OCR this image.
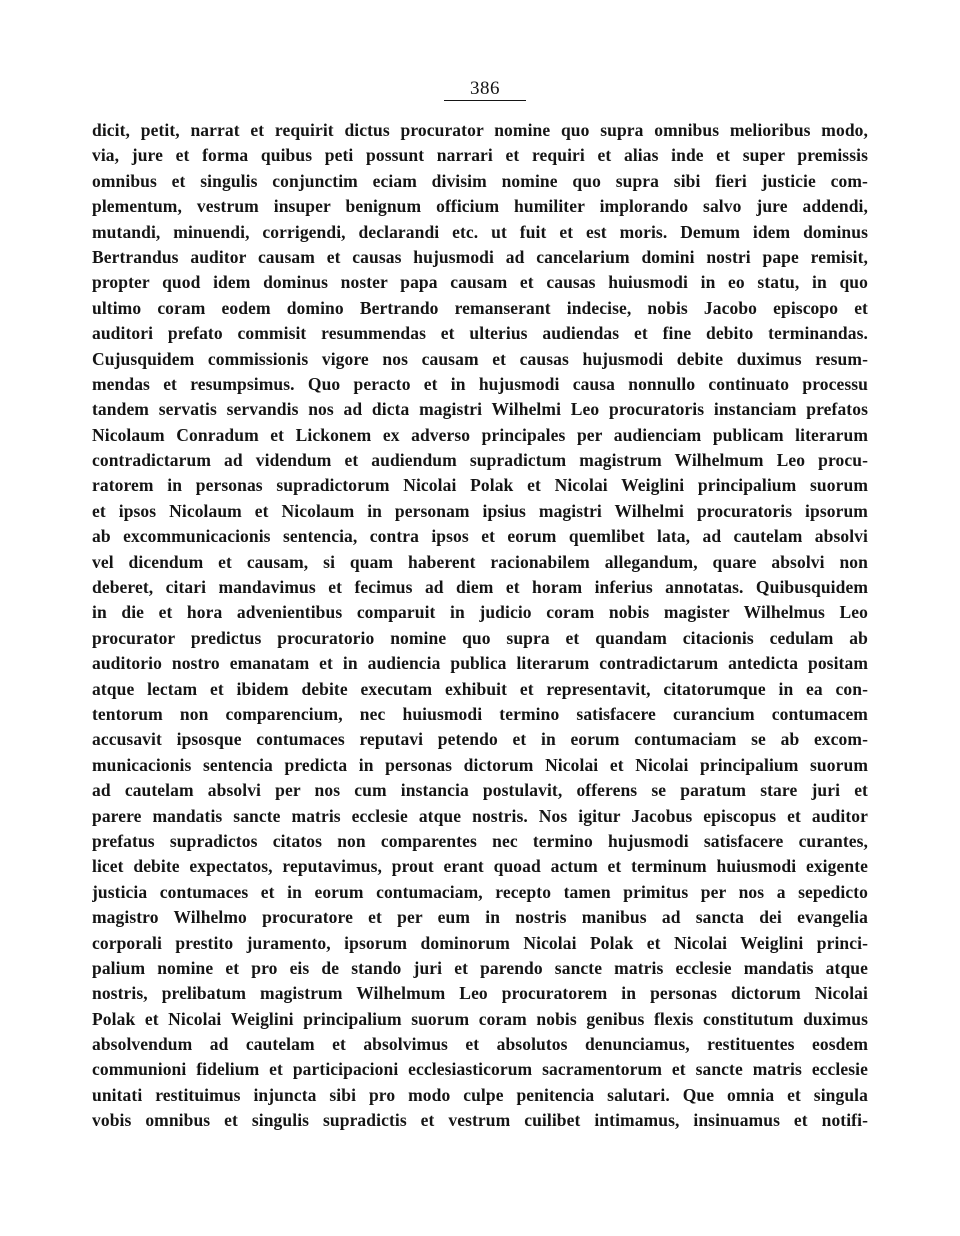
386
dicit, petit, narrat et requirit dictus procurator nomine quo supra omnibus melioribus modo,
via, jure et forma quibus peti possunt narrari et requiri et alias inde et super premissis
omnibus et singulis conjunctim eciam divisim nomine quo supra sibi fieri justicie com-
plementum, vestrum insuper benignum officium humiliter implorando salvo jure addendi,
mutandi, minuendi, corrigendi, declarandi etc. ut fuit et est moris. Demum idem dominus
Bertrandus auditor causam et causas hujusmodi ad cancelarium domini nostri pape remisit,
propter quod idem dominus noster papa causam et causas huiusmodi in eo statu, in quo
ultimo coram eodem domino Bertrando remanserant indecise, nobis Jacobo episcopo et
auditori prefato commisit resummendas et ulterius audiendas et fine debito terminandas.
Cujusquidem commissionis vigore nos causam et causas hujusmodi debite duximus resum-
mendas et resumpsimus. Quo peracto et in hujusmodi causa nonnullo continuato processu
tandem servatis servandis nos ad dicta magistri Wilhelmi Leo procuratoris instanciam prefatos
Nicolaum Conradum et Lickonem ex adverso principales per audienciam publicam literarum
contradictarum ad videndum et audiendum supradictum magistrum Wilhelmum Leo procu-
ratorem in personas supradictorum Nicolai Polak et Nicolai Weiglini principalium suorum
et ipsos Nicolaum et Nicolaum in personam ipsius magistri Wilhelmi procuratoris ipsorum
ab excommunicacionis sentencia, contra ipsos et eorum quemlibet lata, ad cautelam absolvi
vel dicendum et causam, si quam haberent racionabilem allegandum, quare absolvi non
deberet, citari mandavimus et fecimus ad diem et horam inferius annotatas. Quibusquidem
in die et hora advenientibus comparuit in judicio coram nobis magister Wilhelmus Leo
procurator predictus procuratorio nomine quo supra et quandam citacionis cedulam ab
auditorio nostro emanatam et in audiencia publica literarum contradictarum antedicta positam
atque lectam et ibidem debite executam exhibuit et representavit, citatorumque in ea con-
tentorum non comparencium, nec huiusmodi termino satisfacere curancium contumacem
accusavit ipsosque contumaces reputavi petendo et in eorum contumaciam se ab excom-
municacionis sentencia predicta in personas dictorum Nicolai et Nicolai principalium suorum
ad cautelam absolvi per nos cum instancia postulavit, offerens se paratum stare juri et
parere mandatis sancte matris ecclesie atque nostris. Nos igitur Jacobus episcopus et auditor
prefatus supradictos citatos non comparentes nec termino hujusmodi satisfacere curantes,
licet debite expectatos, reputavimus, prout erant quoad actum et terminum huiusmodi exigente
justicia contumaces et in eorum contumaciam, recepto tamen primitus per nos a sepedicto
magistro Wilhelmo procuratore et per eum in nostris manibus ad sancta dei evangelia
corporali prestito juramento, ipsorum dominorum Nicolai Polak et Nicolai Weiglini princi-
palium nomine et pro eis de stando juri et parendo sancte matris ecclesie mandatis atque
nostris, prelibatum magistrum Wilhelmum Leo procuratorem in personas dictorum Nicolai
Polak et Nicolai Weiglini principalium suorum coram nobis genibus flexis constitutum duximus
absolvendum ad cautelam et absolvimus et absolutos denunciamus, restituentes eosdem
communioni fidelium et participacioni ecclesiasticorum sacramentorum et sancte matris ecclesie
unitati restituimus injuncta sibi pro modo culpe penitencia salutari. Que omnia et singula
vobis omnibus et singulis supradictis et vestrum cuilibet intimamus, insinuamus et notifi-
